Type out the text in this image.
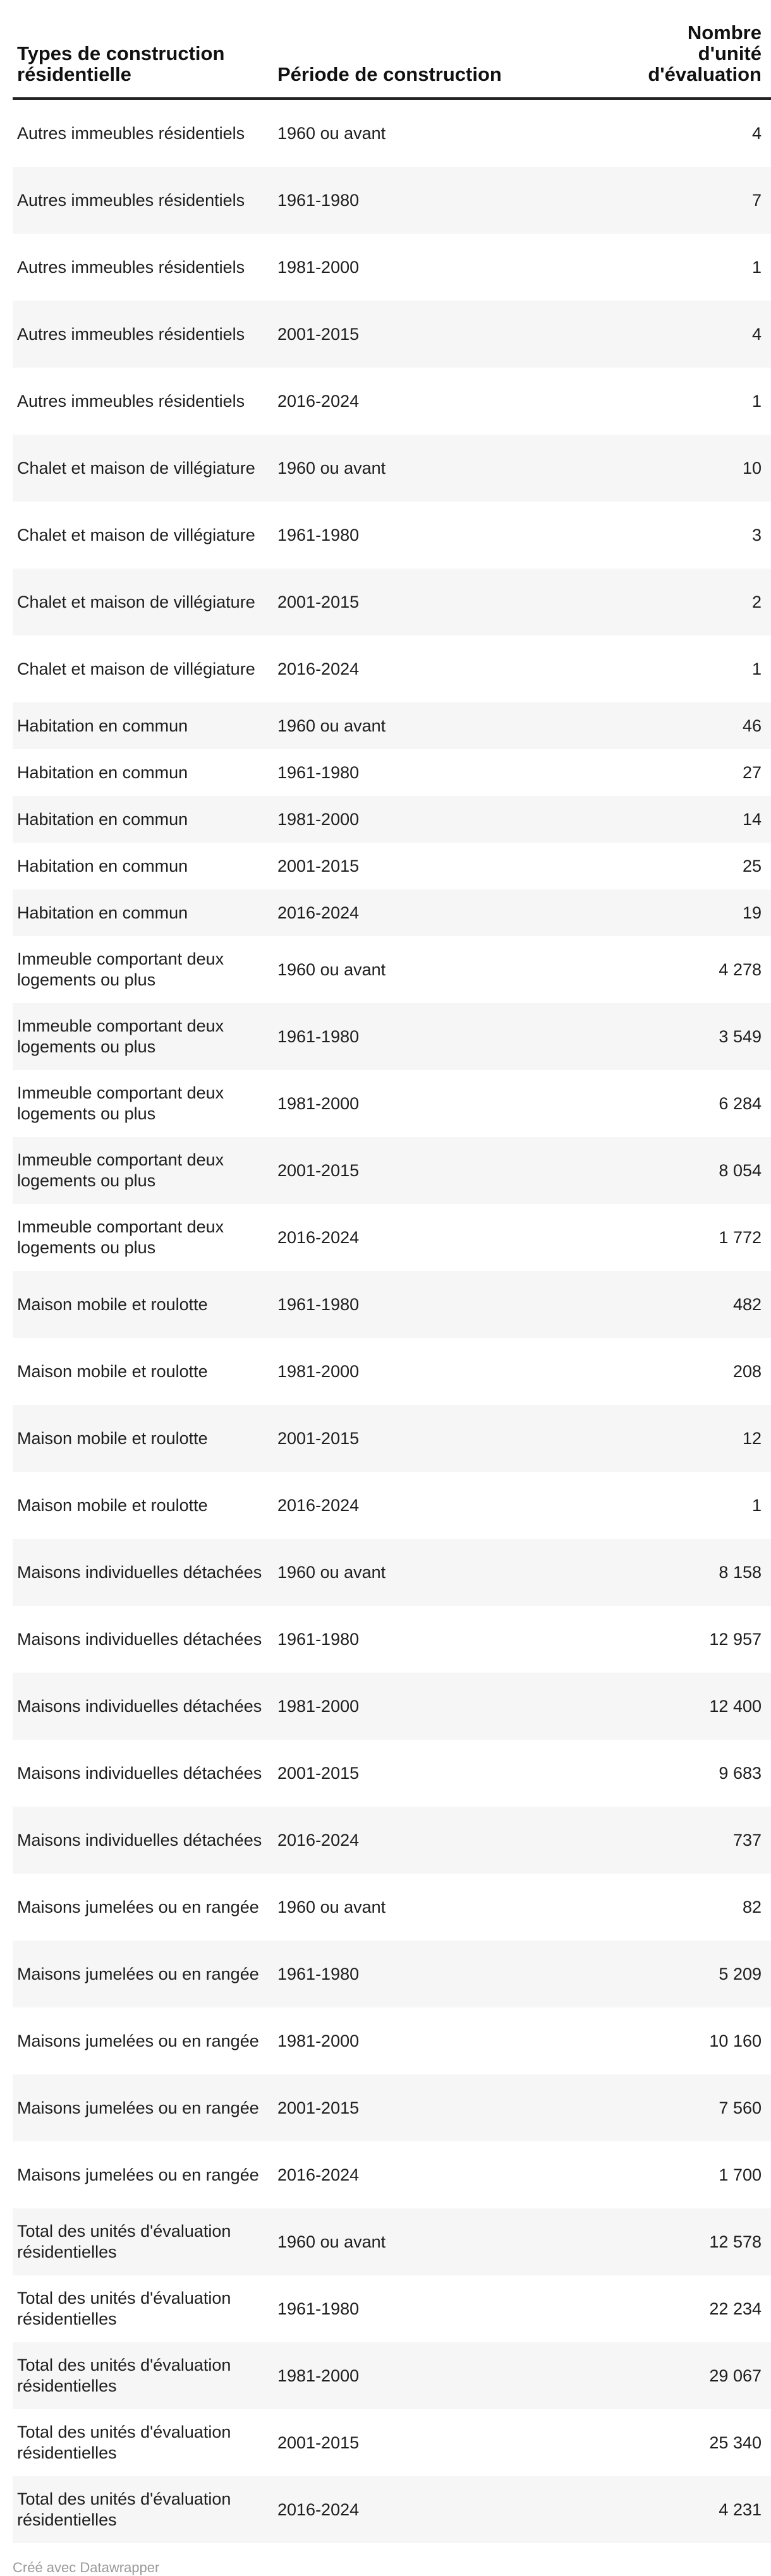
Types de construction résidentielle	Période de construction	Nombre d'unité d'évaluation
Autres immeubles résidentiels	1960 ou avant	4
Autres immeubles résidentiels	1961-1980	7
Autres immeubles résidentiels	1981-2000	1
Autres immeubles résidentiels	2001-2015	4
Autres immeubles résidentiels	2016-2024	1
Chalet et maison de villégiature	1960 ou avant	10
Chalet et maison de villégiature	1961-1980	3
Chalet et maison de villégiature	2001-2015	2
Chalet et maison de villégiature	2016-2024	1
Habitation en commun	1960 ou avant	46
Habitation en commun	1961-1980	27
Habitation en commun	1981-2000	14
Habitation en commun	2001-2015	25
Habitation en commun	2016-2024	19
Immeuble comportant deux logements ou plus	1960 ou avant	4 278
Immeuble comportant deux logements ou plus	1961-1980	3 549
Immeuble comportant deux logements ou plus	1981-2000	6 284
Immeuble comportant deux logements ou plus	2001-2015	8 054
Immeuble comportant deux logements ou plus	2016-2024	1 772
Maison mobile et roulotte	1961-1980	482
Maison mobile et roulotte	1981-2000	208
Maison mobile et roulotte	2001-2015	12
Maison mobile et roulotte	2016-2024	1
Maisons individuelles détachées	1960 ou avant	8 158
Maisons individuelles détachées	1961-1980	12 957
Maisons individuelles détachées	1981-2000	12 400
Maisons individuelles détachées	2001-2015	9 683
Maisons individuelles détachées	2016-2024	737
Maisons jumelées ou en rangée	1960 ou avant	82
Maisons jumelées ou en rangée	1961-1980	5 209
Maisons jumelées ou en rangée	1981-2000	10 160
Maisons jumelées ou en rangée	2001-2015	7 560
Maisons jumelées ou en rangée	2016-2024	1 700
Total des unités d'évaluation résidentielles	1960 ou avant	12 578
Total des unités d'évaluation résidentielles	1961-1980	22 234
Total des unités d'évaluation résidentielles	1981-2000	29 067
Total des unités d'évaluation résidentielles	2001-2015	25 340
Total des unités d'évaluation résidentielles	2016-2024	4 231
Créé avec Datawrapper
